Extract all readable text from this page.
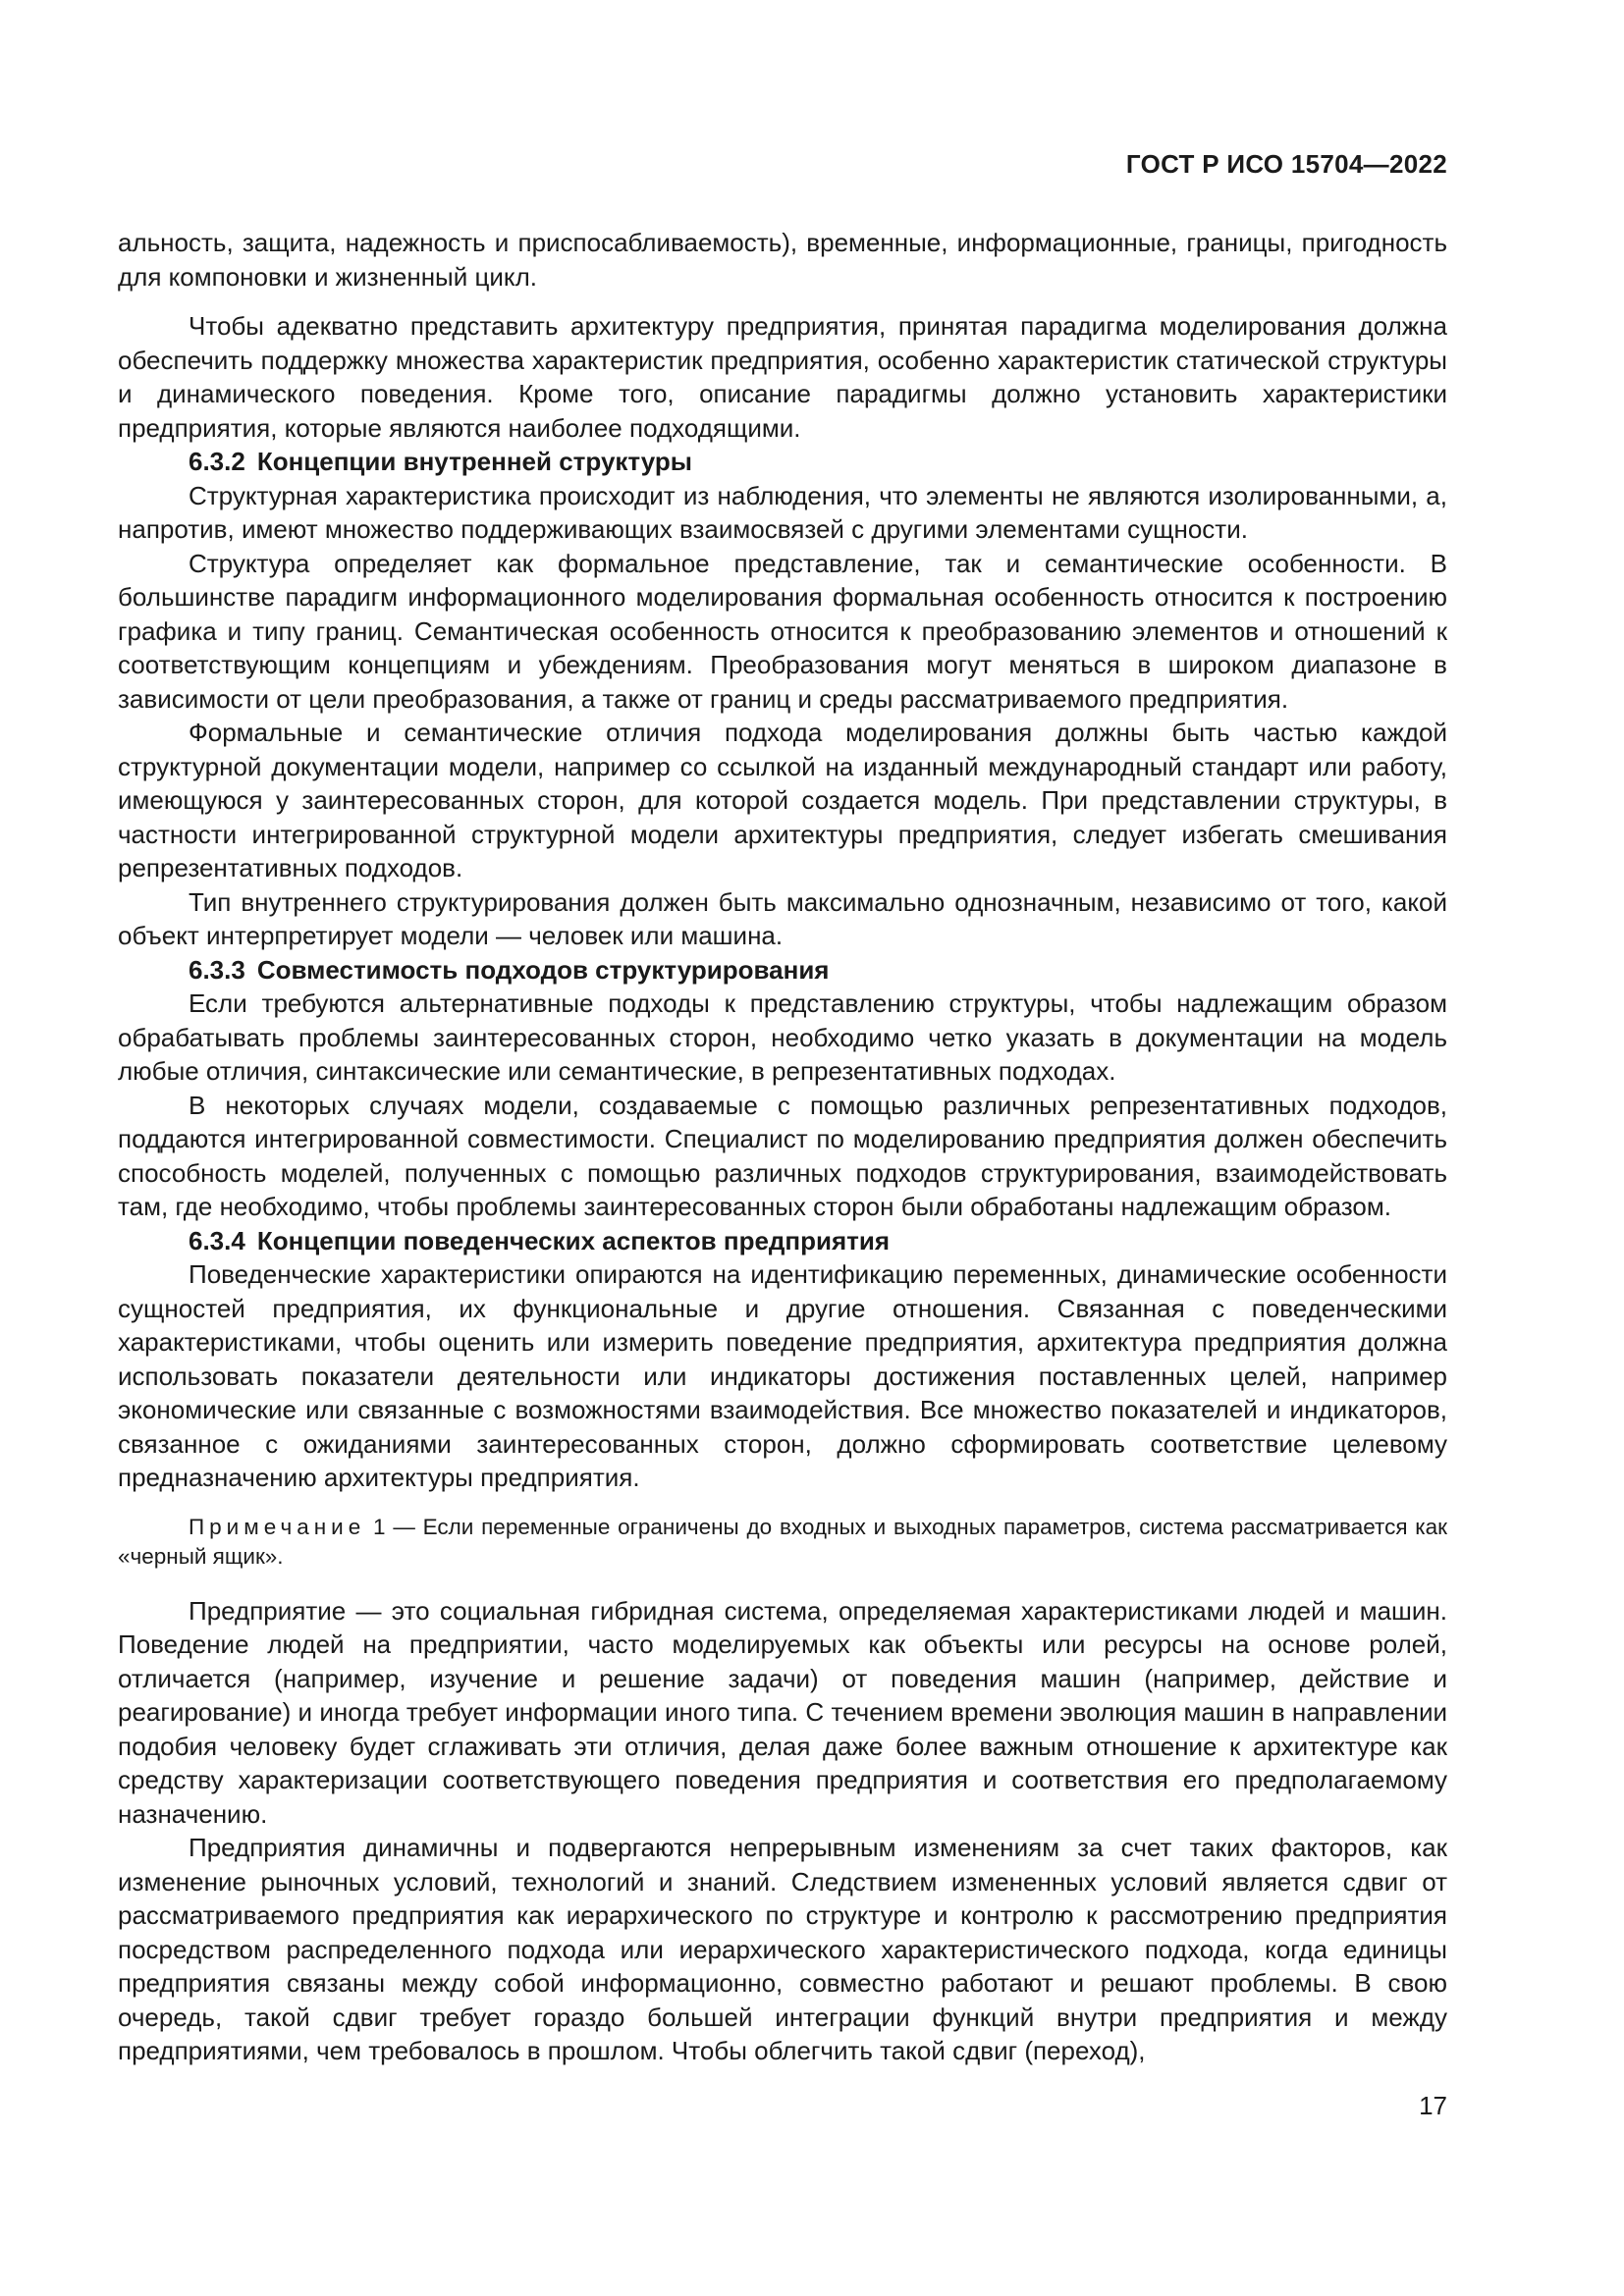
ГОСТ Р ИСО 15704—2022

альность, защита, надежность и приспосабливаемость), временные, информационные, границы, пригодность для компоновки и жизненный цикл.

Чтобы адекватно представить архитектуру предприятия, принятая парадигма моделирования должна обеспечить поддержку множества характеристик предприятия, особенно характеристик статической структуры и динамического поведения. Кроме того, описание парадигмы должно установить характеристики предприятия, которые являются наиболее подходящими.

6.3.2 Концепции внутренней структуры

Структурная характеристика происходит из наблюдения, что элементы не являются изолированными, а, напротив, имеют множество поддерживающих взаимосвязей с другими элементами сущности.

Структура определяет как формальное представление, так и семантические особенности. В большинстве парадигм информационного моделирования формальная особенность относится к построению графика и типу границ. Семантическая особенность относится к преобразованию элементов и отношений к соответствующим концепциям и убеждениям. Преобразования могут меняться в широком диапазоне в зависимости от цели преобразования, а также от границ и среды рассматриваемого предприятия.

Формальные и семантические отличия подхода моделирования должны быть частью каждой структурной документации модели, например со ссылкой на изданный международный стандарт или работу, имеющуюся у заинтересованных сторон, для которой создается модель. При представлении структуры, в частности интегрированной структурной модели архитектуры предприятия, следует избегать смешивания репрезентативных подходов.

Тип внутреннего структурирования должен быть максимально однозначным, независимо от того, какой объект интерпретирует модели — человек или машина.

6.3.3 Совместимость подходов структурирования

Если требуются альтернативные подходы к представлению структуры, чтобы надлежащим образом обрабатывать проблемы заинтересованных сторон, необходимо четко указать в документации на модель любые отличия, синтаксические или семантические, в репрезентативных подходах.

В некоторых случаях модели, создаваемые с помощью различных репрезентативных подходов, поддаются интегрированной совместимости. Специалист по моделированию предприятия должен обеспечить способность моделей, полученных с помощью различных подходов структурирования, взаимодействовать там, где необходимо, чтобы проблемы заинтересованных сторон были обработаны надлежащим образом.

6.3.4 Концепции поведенческих аспектов предприятия

Поведенческие характеристики опираются на идентификацию переменных, динамические особенности сущностей предприятия, их функциональные и другие отношения. Связанная с поведенческими характеристиками, чтобы оценить или измерить поведение предприятия, архитектура предприятия должна использовать показатели деятельности или индикаторы достижения поставленных целей, например экономические или связанные с возможностями взаимодействия. Все множество показателей и индикаторов, связанное с ожиданиями заинтересованных сторон, должно сформировать соответствие целевому предназначению архитектуры предприятия.

Примечание 1 — Если переменные ограничены до входных и выходных параметров, система рассматривается как «черный ящик».

Предприятие — это социальная гибридная система, определяемая характеристиками людей и машин. Поведение людей на предприятии, часто моделируемых как объекты или ресурсы на основе ролей, отличается (например, изучение и решение задачи) от поведения машин (например, действие и реагирование) и иногда требует информации иного типа. С течением времени эволюция машин в направлении подобия человеку будет сглаживать эти отличия, делая даже более важным отношение к архитектуре как средству характеризации соответствующего поведения предприятия и соответствия его предполагаемому назначению.

Предприятия динамичны и подвергаются непрерывным изменениям за счет таких факторов, как изменение рыночных условий, технологий и знаний. Следствием измененных условий является сдвиг от рассматриваемого предприятия как иерархического по структуре и контролю к рассмотрению предприятия посредством распределенного подхода или иерархического характеристического подхода, когда единицы предприятия связаны между собой информационно, совместно работают и решают проблемы. В свою очередь, такой сдвиг требует гораздо большей интеграции функций внутри предприятия и между предприятиями, чем требовалось в прошлом. Чтобы облегчить такой сдвиг (переход),

17
